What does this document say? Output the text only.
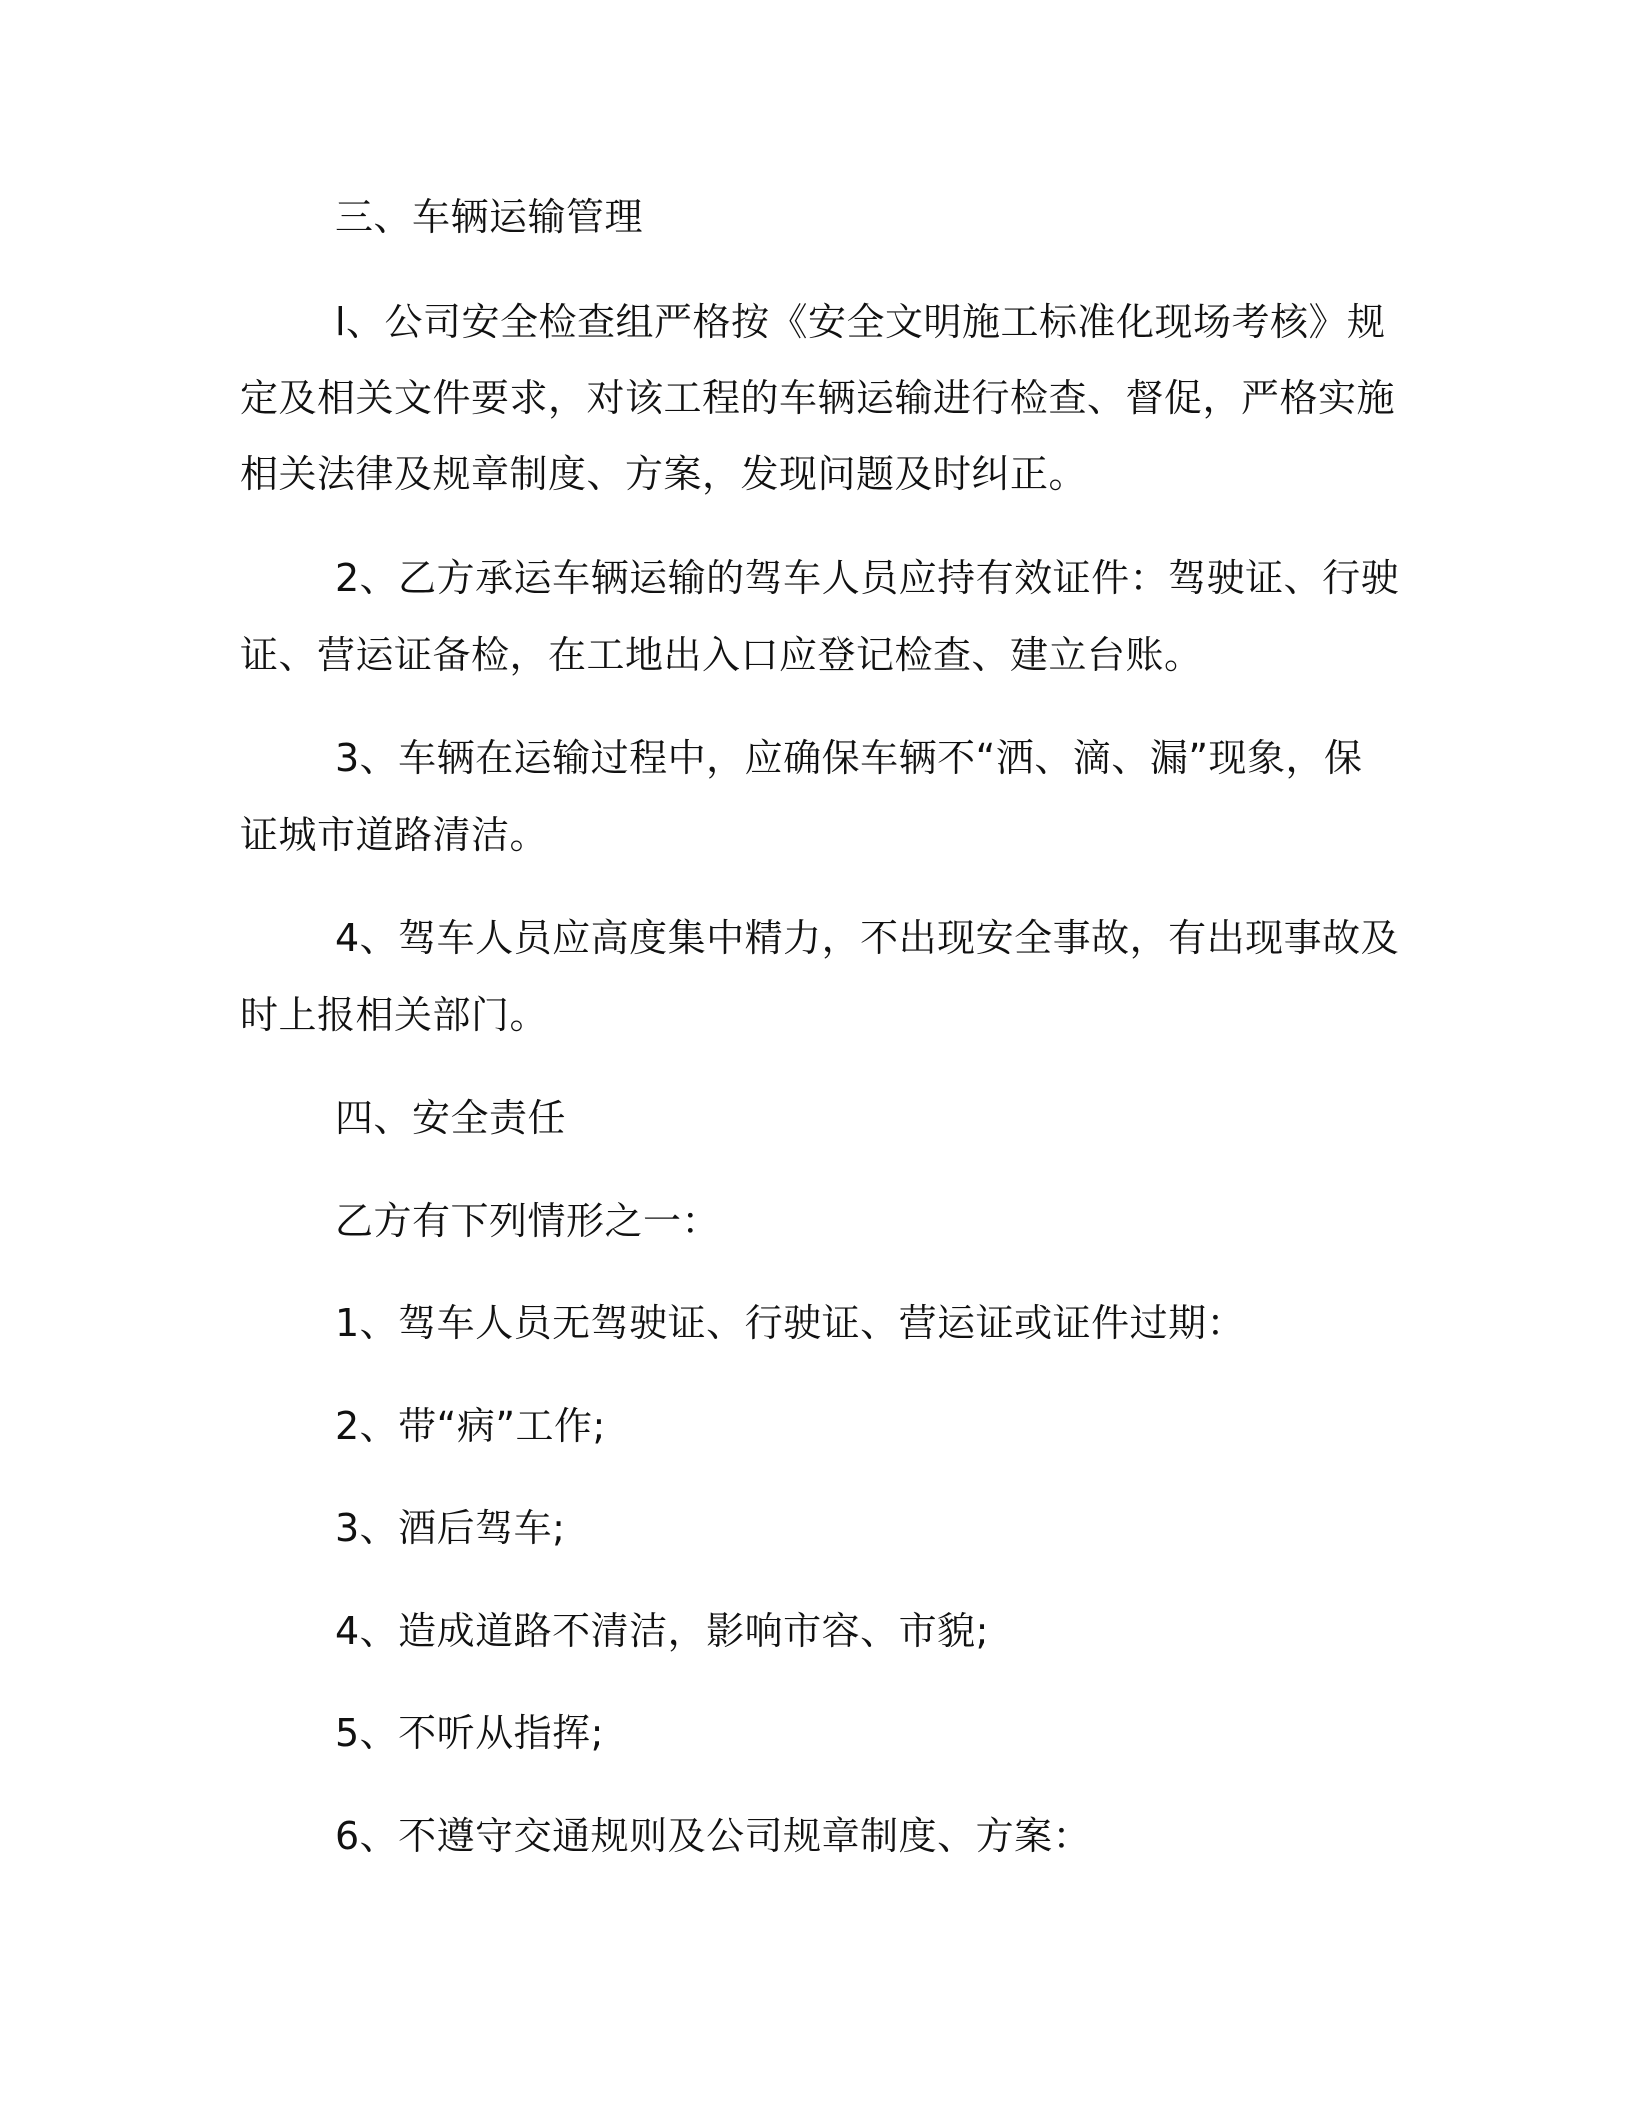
三、车辆运输管理
l、公司安全检查组严格按《安全文明施工标准化现场考核》规
定及相关文件要求，对该工程的车辆运输进行检查、督促，严格实施
相关法律及规章制度、方案，发现问题及时纠正。
2、乙方承运车辆运输的驾车人员应持有效证件：驾驶证、行驶
证、营运证备检，在工地出入口应登记检查、建立台账。
3、车辆在运输过程中，应确保车辆不“洒、滴、漏”现象，保
证城市道路清洁。
4、驾车人员应高度集中精力，不出现安全事故，有出现事故及
时上报相关部门。
四、安全责任
乙方有下列情形之一：
1、驾车人员无驾驶证、行驶证、营运证或证件过期：
2、带“病”工作;
3、酒后驾车;
4、造成道路不清洁，影响市容、市貌;
5、不听从指挥;
6、不遵守交通规则及公司规章制度、方案：
